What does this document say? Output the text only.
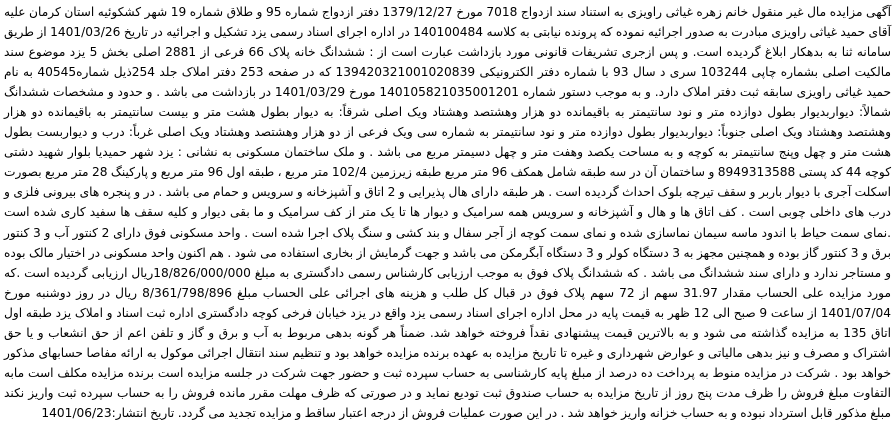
آگهی مزایده مال غیر منقول خانم زهره غیاثی راویزی به استناد سند ازدواج 7018 مورخ 1379/12/27 دفتر ازدواج شماره 95 و طلاق شماره 19 شهر کشکوئیه استان کرمان علیه آقای حمید غیاثی راویزی مبادرت به صدور اجرائیه نموده که پرونده نیابتی به کلاسه 140100484 در اداره اجرای اسناد رسمی یزد تشکیل و اجرائیه در تاریخ 1401/03/26 از طریق سامانه ثنا به بدهکار ابلاغ گردیده است. و پس ازجری تشریفات قانونی مورد بازداشت عبارت است از : ششدانگ خانه پلاک 66 فرعی از 2881 اصلی بخش 5 یزد موضوع سند مالکیت اصلی بشماره چاپی 103244 سری د سال 93 با شماره دفتر الکترونیکی 139420321001020839 که در صفحه 253 دفتر املاک جلد 254ذیل شماره40545 به نام حمید غیاثی راویزی سابقه ثبت دفتر املاک دارد. و به موجب دستور شماره 140105821035001201 مورخ 1401/03/29 در بازداشت می باشد . و حدود و مشخصات ششدانگ شمالاً: دیواربدیوار بطول دوازده متر و نود سانتیمتر به باقیمانده دو هزار وهشتصد وهشتاد ویک اصلی شرقاً: به دیوار بطول هشت متر و بیست سانتیمتر به باقیمانده دو هزار وهشتصد وهشتاد ویک اصلی جنوباً: دیواربدیوار بطول دوازده متر و نود سانتیمتر به شماره سی ویک فرعی از دو هزار وهشتصد وهشتاد ویک اصلی غرباً: درب و دیواربست بطول هشت متر و چهل وپنج سانتیمتر به کوچه و به مساحت یکصد وهفت متر و چهل دسیمتر مربع می باشد . و ملک ساختمان مسکونی به نشانی : یزد شهر حمیدیا بلوار شهید دشتی کوچه 44 کد پستی 8949313588 و ساختمان آن در سه طبقه شامل همکف 96 متر مربع طبقه زیرزمین 102/4 متر مربع ، طبقه اول 96 متر مربع و پارکینگ 28 متر مربع بصورت اسکلت آجری با دیوار باربر و سقف تیرچه بلوک احداث گردیده است . هر طبقه دارای هال پذیرایی و 2 اتاق و آشپزخانه و سرویس و حمام می باشد . در و پنجره های بیرونی فلزی و درب های داخلی چوبی است . کف اتاق ها و هال و آشپزخانه و سرویس همه سرامیک و دیوار ها تا یک متر از کف سرامیک و ما بقی دیوار و کلیه سقف ها سفید کاری شده است .نمای سمت حیاط با اندود ماسه سیمان نماسازی شده و نمای سمت کوچه از آجر سفال و بند کشی و سنگ پلاک اجرا شده است . واحد مسکونی فوق دارای 2 کنتور آب و 3 کنتور برق و 3 کنتور گاز بوده و همچنین مجهز به 3 دستگاه کولر و 3 دستگاه آبگرمکن می باشد و جهت گرمایش از بخاری استفاده می شود . هم اکنون واحد مسکونی در اختیار مالک بوده و مستاجر ندارد و دارای سند ششدانگ می باشد . که ششدانگ پلاک فوق به موجب ارزیابی کارشناس رسمی دادگستری به مبلغ 18/826/000/000ریال ارزیابی گردیده است .که مورد مزایده علی الحساب مقدار 31.97 سهم از 72 سهم پلاک فوق در قبال کل طلب و هزینه های اجرائی علی الحساب مبلغ 8/361/798/896 ریال در روز دوشنبه مورخ 1401/07/04 از ساعت 9 صبح الی 12 ظهر به قیمت پایه در محل اداره اجرای اسناد رسمی یزد واقع در یزد خیابان فرخی کوچه دادگستری اداره ثبت اسناد و املاک یزد طبقه اول اتاق 135 به مزایده گذاشته می شود و به بالاترین قیمت پیشنهادی نقداً فروخته خواهد شد. ضمناً هر گونه بدهی مربوط به آب و برق و گاز و تلفن اعم از حق انشعاب و یا حق اشتراک و مصرف و نیز بدهی مالیاتی و عوارض شهرداری و غیره تا تاریخ مزایده به عهده برنده مزایده خواهد بود و تنظیم سند انتقال اجرائی موکول به ارائه مفاصا حسابهای مذکور خواهد بود . شرکت در مزایده منوط به پرداخت ده درصد از مبلغ پایه کارشناسی به حساب سپرده ثبت و حضور جهت شرکت در جلسه مزایده است برنده مزایده مکلف است مابه التفاوت مبلغ فروش را ظرف مدت پنج روز از تاریخ مزایده به حساب صندوق ثبت توديع نماید و در صورتی که ظرف مهلت مقرر مانده فروش را به حساب سپرده ثبت واریز نکند مبلغ مذکور قابل استرداد نبوده و به حساب خزانه واریز خواهد شد . در این صورت عملیات فروش از درجه اعتبار ساقط و مزایده تجدید می گردد. تاریخ انتشار:1401/06/23
